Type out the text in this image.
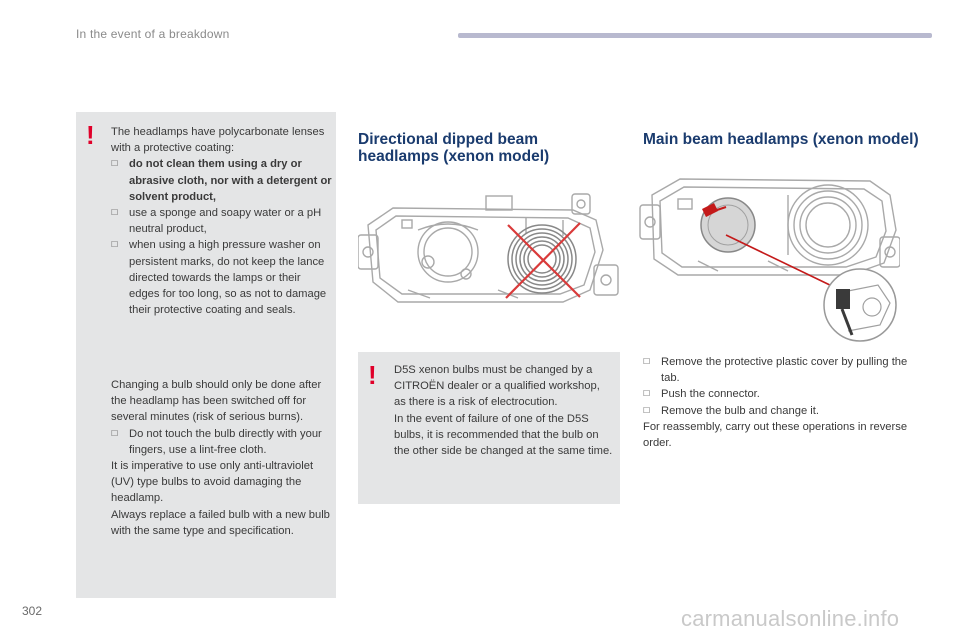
In the event of a breakdown
! The headlamps have polycarbonate lenses with a protective coating:
☐ do not clean them using a dry or abrasive cloth, nor with a detergent or solvent product,
☐ use a sponge and soapy water or a pH neutral product,
☐ when using a high pressure washer on persistent marks, do not keep the lance directed towards the lamps or their edges for too long, so as not to damage their protective coating and seals.
Changing a bulb should only be done after the headlamp has been switched off for several minutes (risk of serious burns).
☐ Do not touch the bulb directly with your fingers, use a lint-free cloth.
It is imperative to use only anti-ultraviolet (UV) type bulbs to avoid damaging the headlamp.
Always replace a failed bulb with a new bulb with the same type and specification.
Directional dipped beam headlamps (xenon model)
! D5S xenon bulbs must be changed by a CITROËN dealer or a qualified workshop, as there is a risk of electrocution.
In the event of failure of one of the D5S bulbs, it is recommended that the bulb on the other side be changed at the same time.
Main beam headlamps (xenon model)
☐ Remove the protective plastic cover by pulling the tab.
☐ Push the connector.
☐ Remove the bulb and change it.
For reassembly, carry out these operations in reverse order.
302	carmanualsonline.info
